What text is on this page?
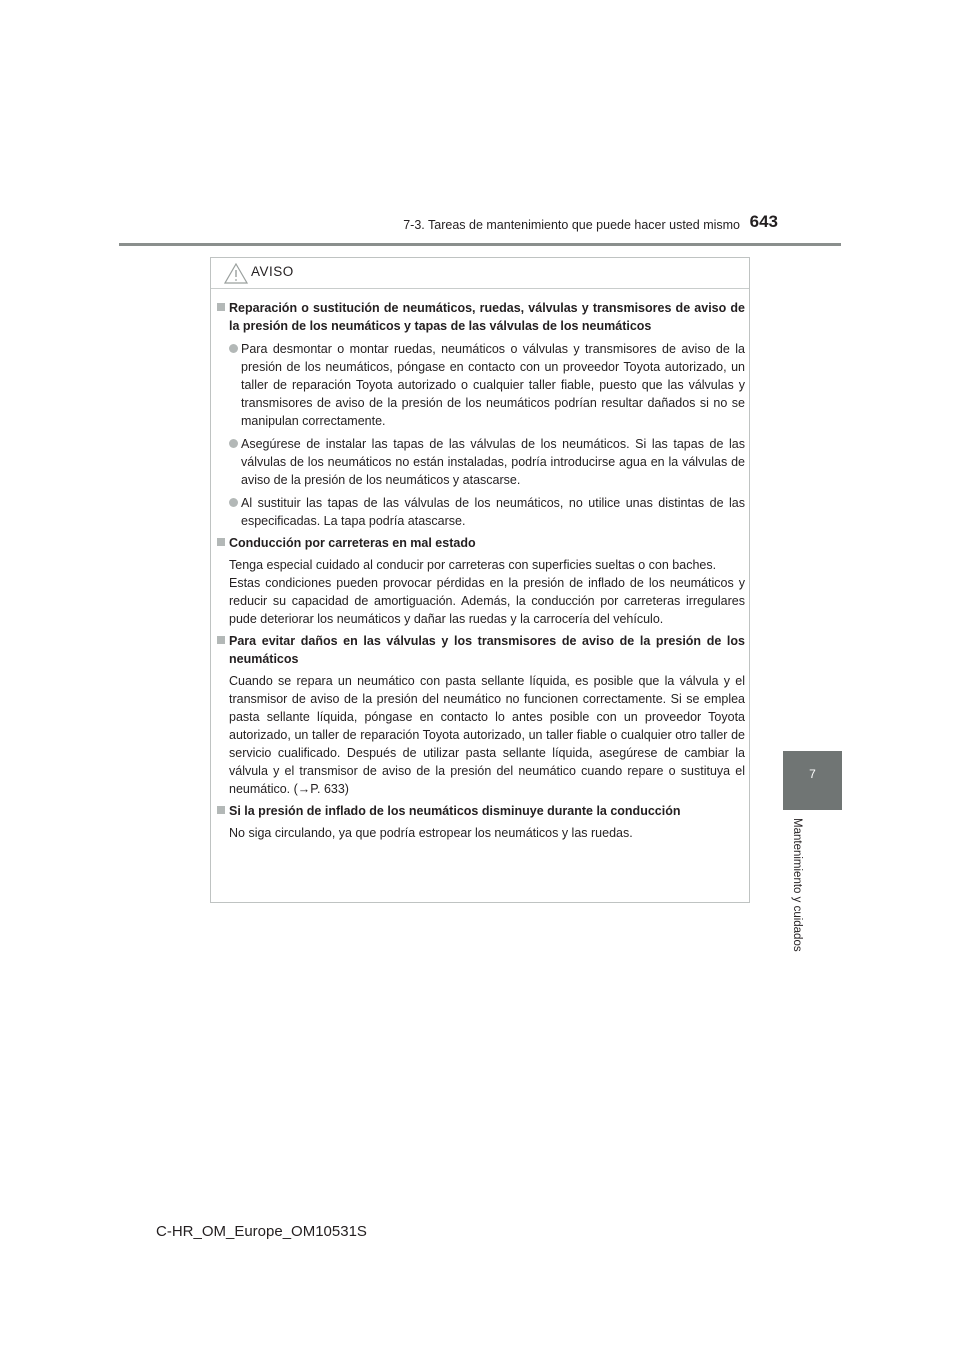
7-3. Tareas de mantenimiento que puede hacer usted mismo 643
7
Mantenimiento y cuidados
AVISO
Reparación o sustitución de neumáticos, ruedas, válvulas y transmisores de aviso de la presión de los neumáticos y tapas de las válvulas de los neumáticos
Para desmontar o montar ruedas, neumáticos o válvulas y transmisores de aviso de la presión de los neumáticos, póngase en contacto con un proveedor Toyota autorizado, un taller de reparación Toyota autorizado o cualquier taller fiable, puesto que las válvulas y transmisores de aviso de la presión de los neumáticos podrían resultar dañados si no se manipulan correctamente.
Asegúrese de instalar las tapas de las válvulas de los neumáticos. Si las tapas de las válvulas de los neumáticos no están instaladas, podría introducirse agua en la válvulas de aviso de la presión de los neumáticos y atascarse.
Al sustituir las tapas de las válvulas de los neumáticos, no utilice unas distintas de las especificadas. La tapa podría atascarse.
Conducción por carreteras en mal estado
Tenga especial cuidado al conducir por carreteras con superficies sueltas o con baches.
Estas condiciones pueden provocar pérdidas en la presión de inflado de los neumáticos y reducir su capacidad de amortiguación. Además, la conducción por carreteras irregulares pude deteriorar los neumáticos y dañar las ruedas y la carrocería del vehículo.
Para evitar daños en las válvulas y los transmisores de aviso de la presión de los neumáticos
Cuando se repara un neumático con pasta sellante líquida, es posible que la válvula y el transmisor de aviso de la presión del neumático no funcionen correctamente. Si se emplea pasta sellante líquida, póngase en contacto lo antes posible con un proveedor Toyota autorizado, un taller de reparación Toyota autorizado, un taller fiable o cualquier otro taller de servicio cualificado. Después de utilizar pasta sellante líquida, asegúrese de cambiar la válvula y el transmisor de aviso de la presión del neumático cuando repare o sustituya el neumático. (→P. 633)
Si la presión de inflado de los neumáticos disminuye durante la conducción
No siga circulando, ya que podría estropear los neumáticos y las ruedas.
C-HR_OM_Europe_OM10531S
